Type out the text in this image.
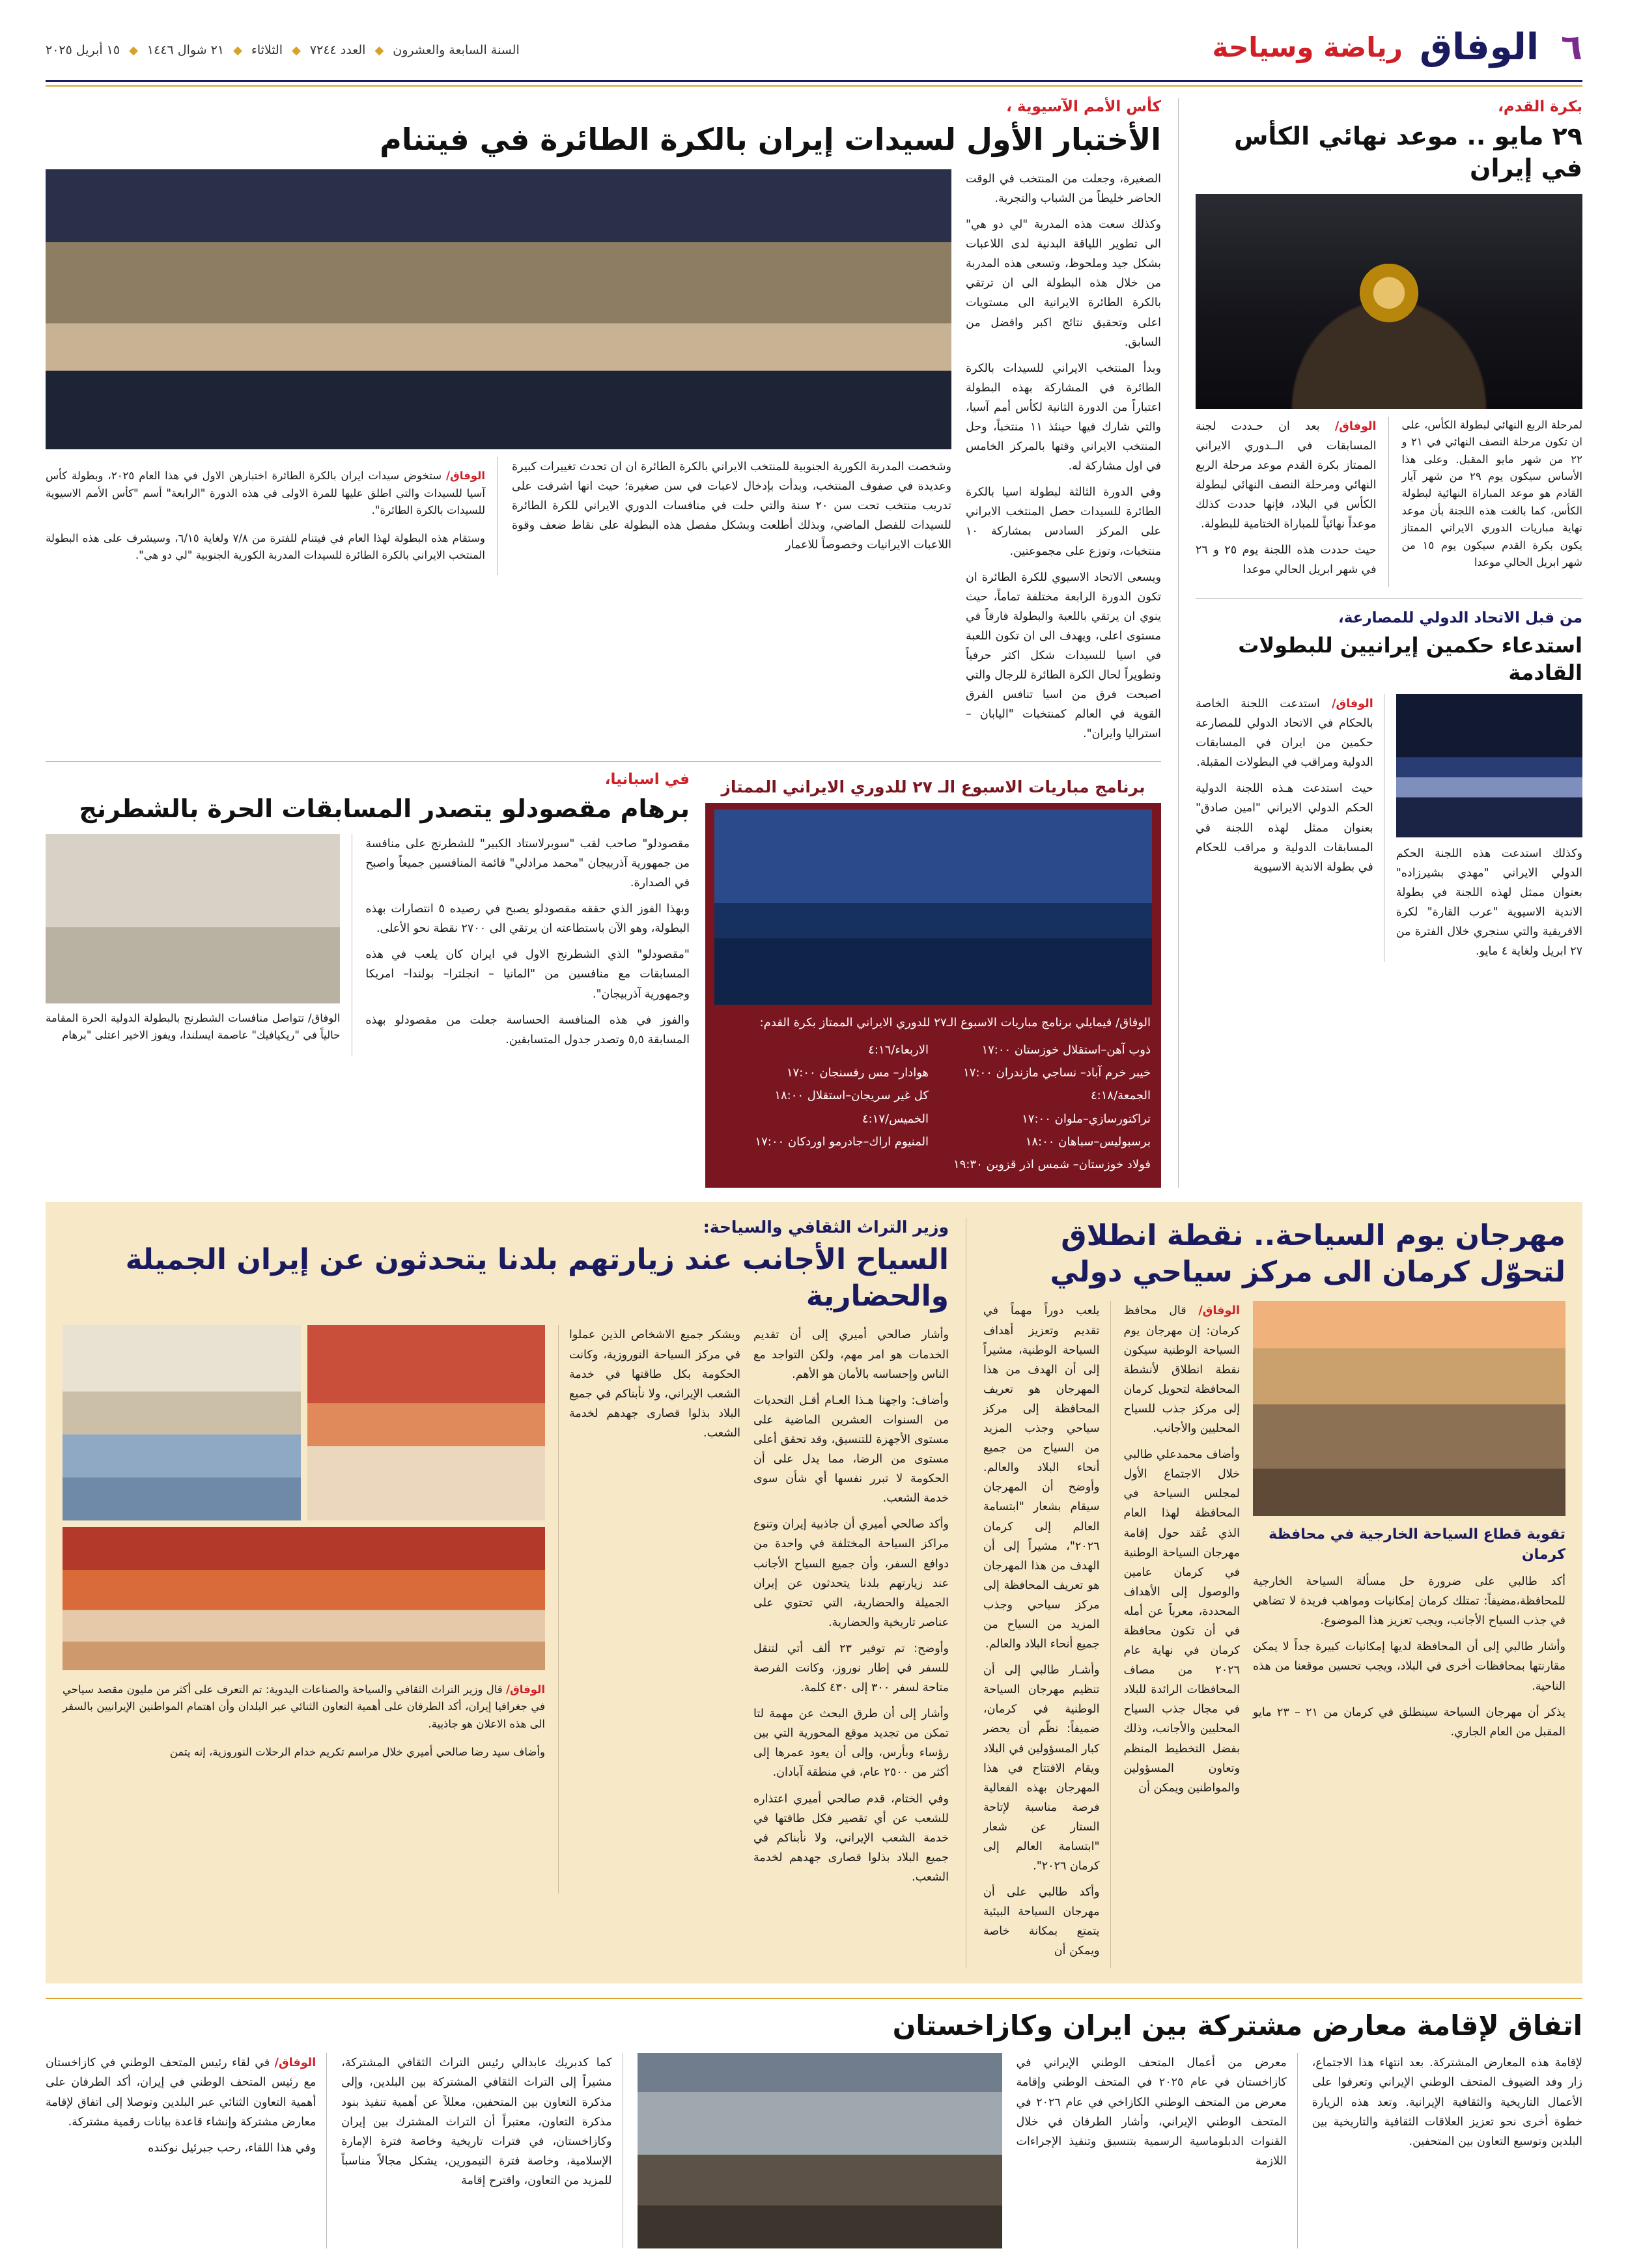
٦
الوفاق
رياضة وسياحة
السنة السابعة والعشرون
◆
العدد ٧٢٤٤
◆
الثلاثاء
◆
٢١ شوال ١٤٤٦
◆
١٥ أبريل ٢٠٢٥
بكرة القدم،
٢٩ مايو .. موعد نهائي الكأس في إيران
لمرحلة الربع النهائي لبطولة الكأس، على ان تكون مرحلة النصف النهائي في ٢١ و ٢٢ من شهر مايو المقبل. وعلى هذا الأساس سيكون يوم ٢٩ من شهر آيار القادم هو موعد المباراة النهائية لبطولة الكأس، كما بالغت هذه اللجنة بأن موعد نهاية مباريات الدوري الايراني الممتاز يكون بكرة القدم سيكون يوم ١٥ من شهر ابريل الحالي موعدا

الوفاق/ بعد ان حـددت لجنة المسابقات في الــدوري الايراني الممتاز بكرة القدم موعد مرحلة الربع النهائي ومرحلة النصف النهائي لبطولة الكأس في البلاد، فإنها حددت كذلك موعداً نهائياً للمباراة الختامية للبطولة.

حيث حددت هذه اللجنة يوم ٢٥ و ٢٦ في شهر ابريل الحالي موعدا

من قبل الاتحاد الدولي للمصارعة،
استدعاء حكمين إيرانيين للبطولات القادمة
وكذلك استدعت هذه اللجنة الحكم الدولي الايراني "مهدي بشيرزاده" بعنوان ممثل لهذه اللجنة في بطولة الاندية الاسيوية "عرب القارة" لكرة الافريقية والتي سنجري خلال الفترة من ٢٧ ابريل ولغاية ٤ مايو.

الوفاق/ استدعت اللجنة الخاصة بالحكام في الاتحاد الدولي للمصارعة حكمين من ايران في المسابقات الدولية ومراقب في البطولات المقبلة.

حيث استدعت هـذه اللجنة الدولية الحكم الدولي الايراني "امين صادق" بعنوان ممثل لهذه اللجنة في المسابقات الدولية و مراقب للحكام في بطولة الاندية الاسيوية

كأس الأمم الآسيوية ،
الأختبار الأول لسيدات إيران بالكرة الطائرة في فيتنام

الصغيرة، وجعلت من المنتخب في الوقت الحاضر خليطاً من الشباب والتجربة.

وكذلك سعت هذه المدربة "لي دو هي" الى تطوير اللياقة البدنية لدى اللاعبات بشكل جيد وملحوظ، وتسعى هذه المدربة من خلال هذه البطولة الى ان ترتقي بالكرة الطائرة الايرانية الى مستويات اعلى وتحقيق نتائج اكبر وافضل من السابق.

وبدأ المنتخب الايراني للسيدات بالكرة الطائرة في المشاركة بهذه البطولة اعتباراً من الدورة الثانية لكأس أمم آسيا، والتي شارك فيها حينئذ ١١ منتخباً، وحل المنتخب الايراني وقتها بالمركز الخامس في اول مشاركة له.

وفي الدورة الثالثة لبطولة اسيا بالكرة الطائرة للسيدات حصل المنتخب الايراني على المركز السادس بمشاركة ١٠ منتخبات، وتوزع على مجموعتين.

ويسعى الاتحاد الاسيوي للكرة الطائرة ان تكون الدورة الرابعة مختلفة تماماً، حيث ينوي ان يرتقي باللعبة والبطولة فارقاً في مستوى اعلى، ويهدف الى ان تكون اللعبة في اسيا للسيدات شكل اكثر حرفياً وتطويراً لحال الكرة الطائرة للرجال والتي اصبحت فرق من اسيا تنافس الفرق القوية في العالم كمنتخبات "اليابان – استراليا وايران".

وشخصت المدربة الكورية الجنوبية للمنتخب الايراني بالكرة الطائرة ان ان تحدث تغييرات كبيرة وعديدة في صفوف المنتخب، وبدأت بإدخال لاعبات في سن صغيرة؛ حيث انها اشرفت على تدريب منتخب تحت سن ٢٠ سنة والتي حلت في منافسات الدوري الايراني للكرة الطائرة للسيدات للفصل الماضي، وبذلك أطلعت وبشكل مفصل هذه البطولة على نقاط ضعف وقوة اللاعبات الايرانيات وخصوصاً للاعمار

الوفاق/ ستخوض سيدات ايران بالكرة الطائرة اختبارهن الاول في هذا العام ٢٠٢٥، وبطولة كأس آسيا للسيدات والتي اطلق عليها للمرة الاولى في هذه الدورة "الرابعة" أسم "كأس الأمم الاسيوية للسيدات بالكرة الطائرة".

وستقام هذه البطولة لهذا العام في فيتنام للفترة من ٧/٨ ولغاية ٦/١٥، وسيشرف على هذه البطولة المنتخب الايراني بالكرة الطائرة للسيدات المدربة الكورية الجنوبية "لي دو هي".

برنامج مباريات الاسبوع الـ ٢٧ للدوري الايراني الممتاز
الوفاق/ فيمايلي برنامج مباريات الاسبوع الـ٢٧ للدوري الايراني الممتاز بكرة القدم:
ذوب آهن–استقلال خوزستان ١٧:٠٠
خيبر خرم آباد– نساجي مازندران ١٧:٠٠
الجمعة/٤:١٨
تراكتورسازي–ملوان ١٧:٠٠
برسبوليس–سباهان ١٨:٠٠
فولاد خوزستان– شمس اذر قزوين ١٩:٣٠
الاربعاء/٤:١٦
هوادار– مس رفسنجان ١٧:٠٠
كل غير سريجان–استقلال ١٨:٠٠
الخميس/٤:١٧
المنيوم اراك–جادرمو اوردكان ١٧:٠٠
في اسبانيا،
برهام مقصودلو يتصدر المسابقات الحرة بالشطرنج

مقصودلو" صاحب لقب "سوبرلاستاد الكبير" للشطرنج على منافسة من جمهورية آذربيجان "محمد مرادلي" قائمة المنافسين جميعاً واصبح في الصدارة.

وبهذا الفوز الذي حققه مقصودلو يصبح في رصيده ٥ انتصارات بهذه البطولة، وهو الآن باستطاعته ان يرتقي الى ٢٧٠٠ نقطة نحو الأعلى.

"مقصودلو" الذي الشطرنج الاول في ايران كان يلعب في هذه المسابقات مع منافسين من "المانيا – انجلترا– بولندا– امريكا وجمهورية آذربيجان".

والفوز في هذه المنافسة الحساسة جعلت من مقصودلو بهذه المسابقة ٥,٥ وتصدر جدول المتسابقين.

الوفاق/ تتواصل منافسات الشطرنج بالبطولة الدولية الحرة المقامة حالياً في "ريكيافيك" عاصمة ايسلندا، ويفوز الاخير اعتلى "برهام
مهرجان يوم السياحة.. نقطة انطلاق لتحوّل كرمان الى مركز سياحي دولي
تقوية قطاع السياحة الخارجية في محافظة كرمان

أكد طالبي على ضرورة حل مسألة السياحة الخارجية للمحافظة،مضيفاً: تمتلك كرمان إمكانيات ومواهب فريدة لا تضاهي في جذب السياح الأجانب، ويجب تعزيز هذا الموضوع.

وأشار طالبي إلى أن المحافظة لديها إمكانيات كبيرة جداً لا يمكن مقارنتها بمحافظات أخرى في البلاد، ويجب تحسين موقعنا من هذه الناحية.

يذكر أن مهرجان السياحة سينطلق في كرمان من ٢١ – ٢٣ مايو المقبل من العام الجاري.

الوفاق/ قال محافظ كرمان: إن مهرجان يوم السياحة الوطنية سيكون نقطة انطلاق لأنشطة المحافظة لتحويل كرمان إلى مركز جذب للسياح المحليين والأجانب.

وأضاف محمدعلي طالبي خلال الاجتماع الأول لمجلس السياحة في المحافظة لهذا العام الذي عُقد حول إقامة مهرجان السياحة الوطنية في كرمان عامين والوصول إلى الأهداف المحددة، معرباً عن أمله في أن تكون محافظة كرمان في نهاية عام ٢٠٢٦ من مصاف المحافظات الرائدة للبلاد في مجال جذب السياح المحليين والأجانب، وذلك بفضل التخطيط المنظم وتعاون المسؤولين والمواطنين ويمكن أن

يلعب دوراً مهماً في تقديم وتعزيز أهداف السياحة الوطنية، مشيراً إلى أن الهدف من هذا المهرجان هو تعريف المحافظة إلى مركز سياحي وجذب المزيد من السياح من جميع أنحاء البلاد والعالم. وأوضح أن المهرجان سيقام بشعار "ابتسامة العالم إلى كرمان ٢٠٢٦"، مشيراً إلى أن الهدف من هذا المهرجان هو تعريف المحافظة إلى مركز سياحي وجذب المزيد من السياح من جميع أنحاء البلاد والعالم.

وأشـار طالبي إلى أن تنظيم مهرجان السياحة الوطنية في كرمان، ضميفاً: نظّم أن يحضر كبار المسؤولين في البلاد ويقام الافتتاح في هذا المهرجان بهذه الفعالية فرصة مناسبة لإتاحة الستار عن شعار "ابتسامة العالم إلى كرمان ٢٠٢٦".

وأكد طالبي على أن مهرجان السياحة البيئية يتمتع بمكانة خاصة ويمكن أن

وزير التراث الثقافي والسياحة:
السياح الأجانب عند زيارتهم بلدنا يتحدثون عن إيران الجميلة والحضارية

وأشار صالحي أميري إلى أن تقديم الخدمات هو امر مهم، ولكن التواجد مع الناس وإحساسه بالأمان هو الأهم.

وأضاف: واجهنا هـذا العـام أقـل التحديات من السنوات العشرين الماضية على مستوى الأجهزة للتنسيق، وقد تحقق أعلى مستوى من الرضا، مما يدل على أن الحكومة لا تبرر نفسها أي شأن سوى خدمة الشعب.

وأكد صالحي أميري أن جاذبية إيران وتنوع مراكز السياحة المختلفة في واحدة من دوافع السفر، وأن جميع السياح الأجانب عند زيارتهم بلدنا يتحدثون عن إيران الجميلة والحضارية، التي تحتوي على عناصر تاريخية والحضارية.

وأوضح: تم توفير ٢٣ ألف أتي لتنقل للسفر في إطار نوروز، وكانت الفرصة متاحة لسفر ٣٠٠ إلى ٤٣٠ كلمة.

وأشار إلى أن طرق البحث عن مهمة لتا تمكن من تجديد موقع المحورية التي بين رؤساء وبأرس، وإلى أن يعود عمرها إلى أكثر من ٢٥٠٠ عام، في منطقة آبادان.

وفي الختام، قدم صالحي أميري اعتذاره للشعب عن أي تقصير فكل طاقتها في خدمة الشعب الإيراني، ولا نأبناكم في جميع البلاد بذلوا قصارى جهدهم لخدمة الشعب.

ويشكر جميع الاشخاص الذين عملوا في مركز السياحة النوروزية، وكانت الحكومة بكل طاقتها في خدمة الشعب الإيراني، ولا نأبناكم في جميع البلاد بذلوا قصارى جهدهم لخدمة الشعب.

الوفاق/ قال وزير التراث الثقافي والسياحة والصناعات اليدوية: تم التعرف على أكثر من مليون مقصد سياحي في جغرافيا إيران، أكد الطرفان على أهمية التعاون الثنائي عبر البلدان وأن اهتمام المواطنين الإيرانيين بالسفر الى هذه الاعلان هو جاذبية.

وأضاف سيد رضا صالحي أميري خلال مراسم تكريم خدام الرحلات النوروزية، إنه يتمن

اتفاق لإقامة معارض مشتركة بين ايران وكازاخستان
لإقامة هذه المعارض المشتركة. بعد انتهاء هذا الاجتماع، زار وفد الضيوف المتحف الوطني الإيراني وتعرفوا على الأعمال التاريخية والثقافية الإيرانية. وتعد هذه الزيارة خطوة أخرى نحو تعزيز العلاقات الثقافية والتاريخية بين البلدين وتوسيع التعاون بين المتحفين.
معرض من أعمال المتحف الوطني الإيراني في كازاخستان في عام ٢٠٢٥ في المتحف الوطني وإقامة معرض من المتحف الوطني الكازاخي في عام ٢٠٢٦ في المتحف الوطني الإيراني، وأشار الطرفان في خلال القنوات الدبلوماسية الرسمية بتنسيق وتنفيذ الإجراءات اللازمة
كما كدبريك عابدالي رئيس التراث الثقافي المشتركة، مشيراً إلى التراث الثقافي المشتركة بين البلدين، وإلى مذكرة التعاون بين المتحفين، معللاً عن أهمية تنفيذ بنود مذكرة التعاون، معتبراً أن التراث المشترك بين إيران وكازاخستان، في فترات تاريخية وخاصة فترة الإمارة الإسلامية، وخاصة فترة التيمورين، يشكل مجالاً مناسباً للمزيد من التعاون، واقترح إقامة

الوفاق/ في لقاء رئيس المتحف الوطني في كازاخستان مع رئيس المتحف الوطني في إيران، أكد الطرفان على أهمية التعاون الثنائي عبر البلدين وتوصلا إلى اتفاق لإقامة معارض مشتركة وإنشاء قاعدة بيانات رقمية مشتركة.

وفي هذا اللقاء، رحب جبرئيل نوكنده
